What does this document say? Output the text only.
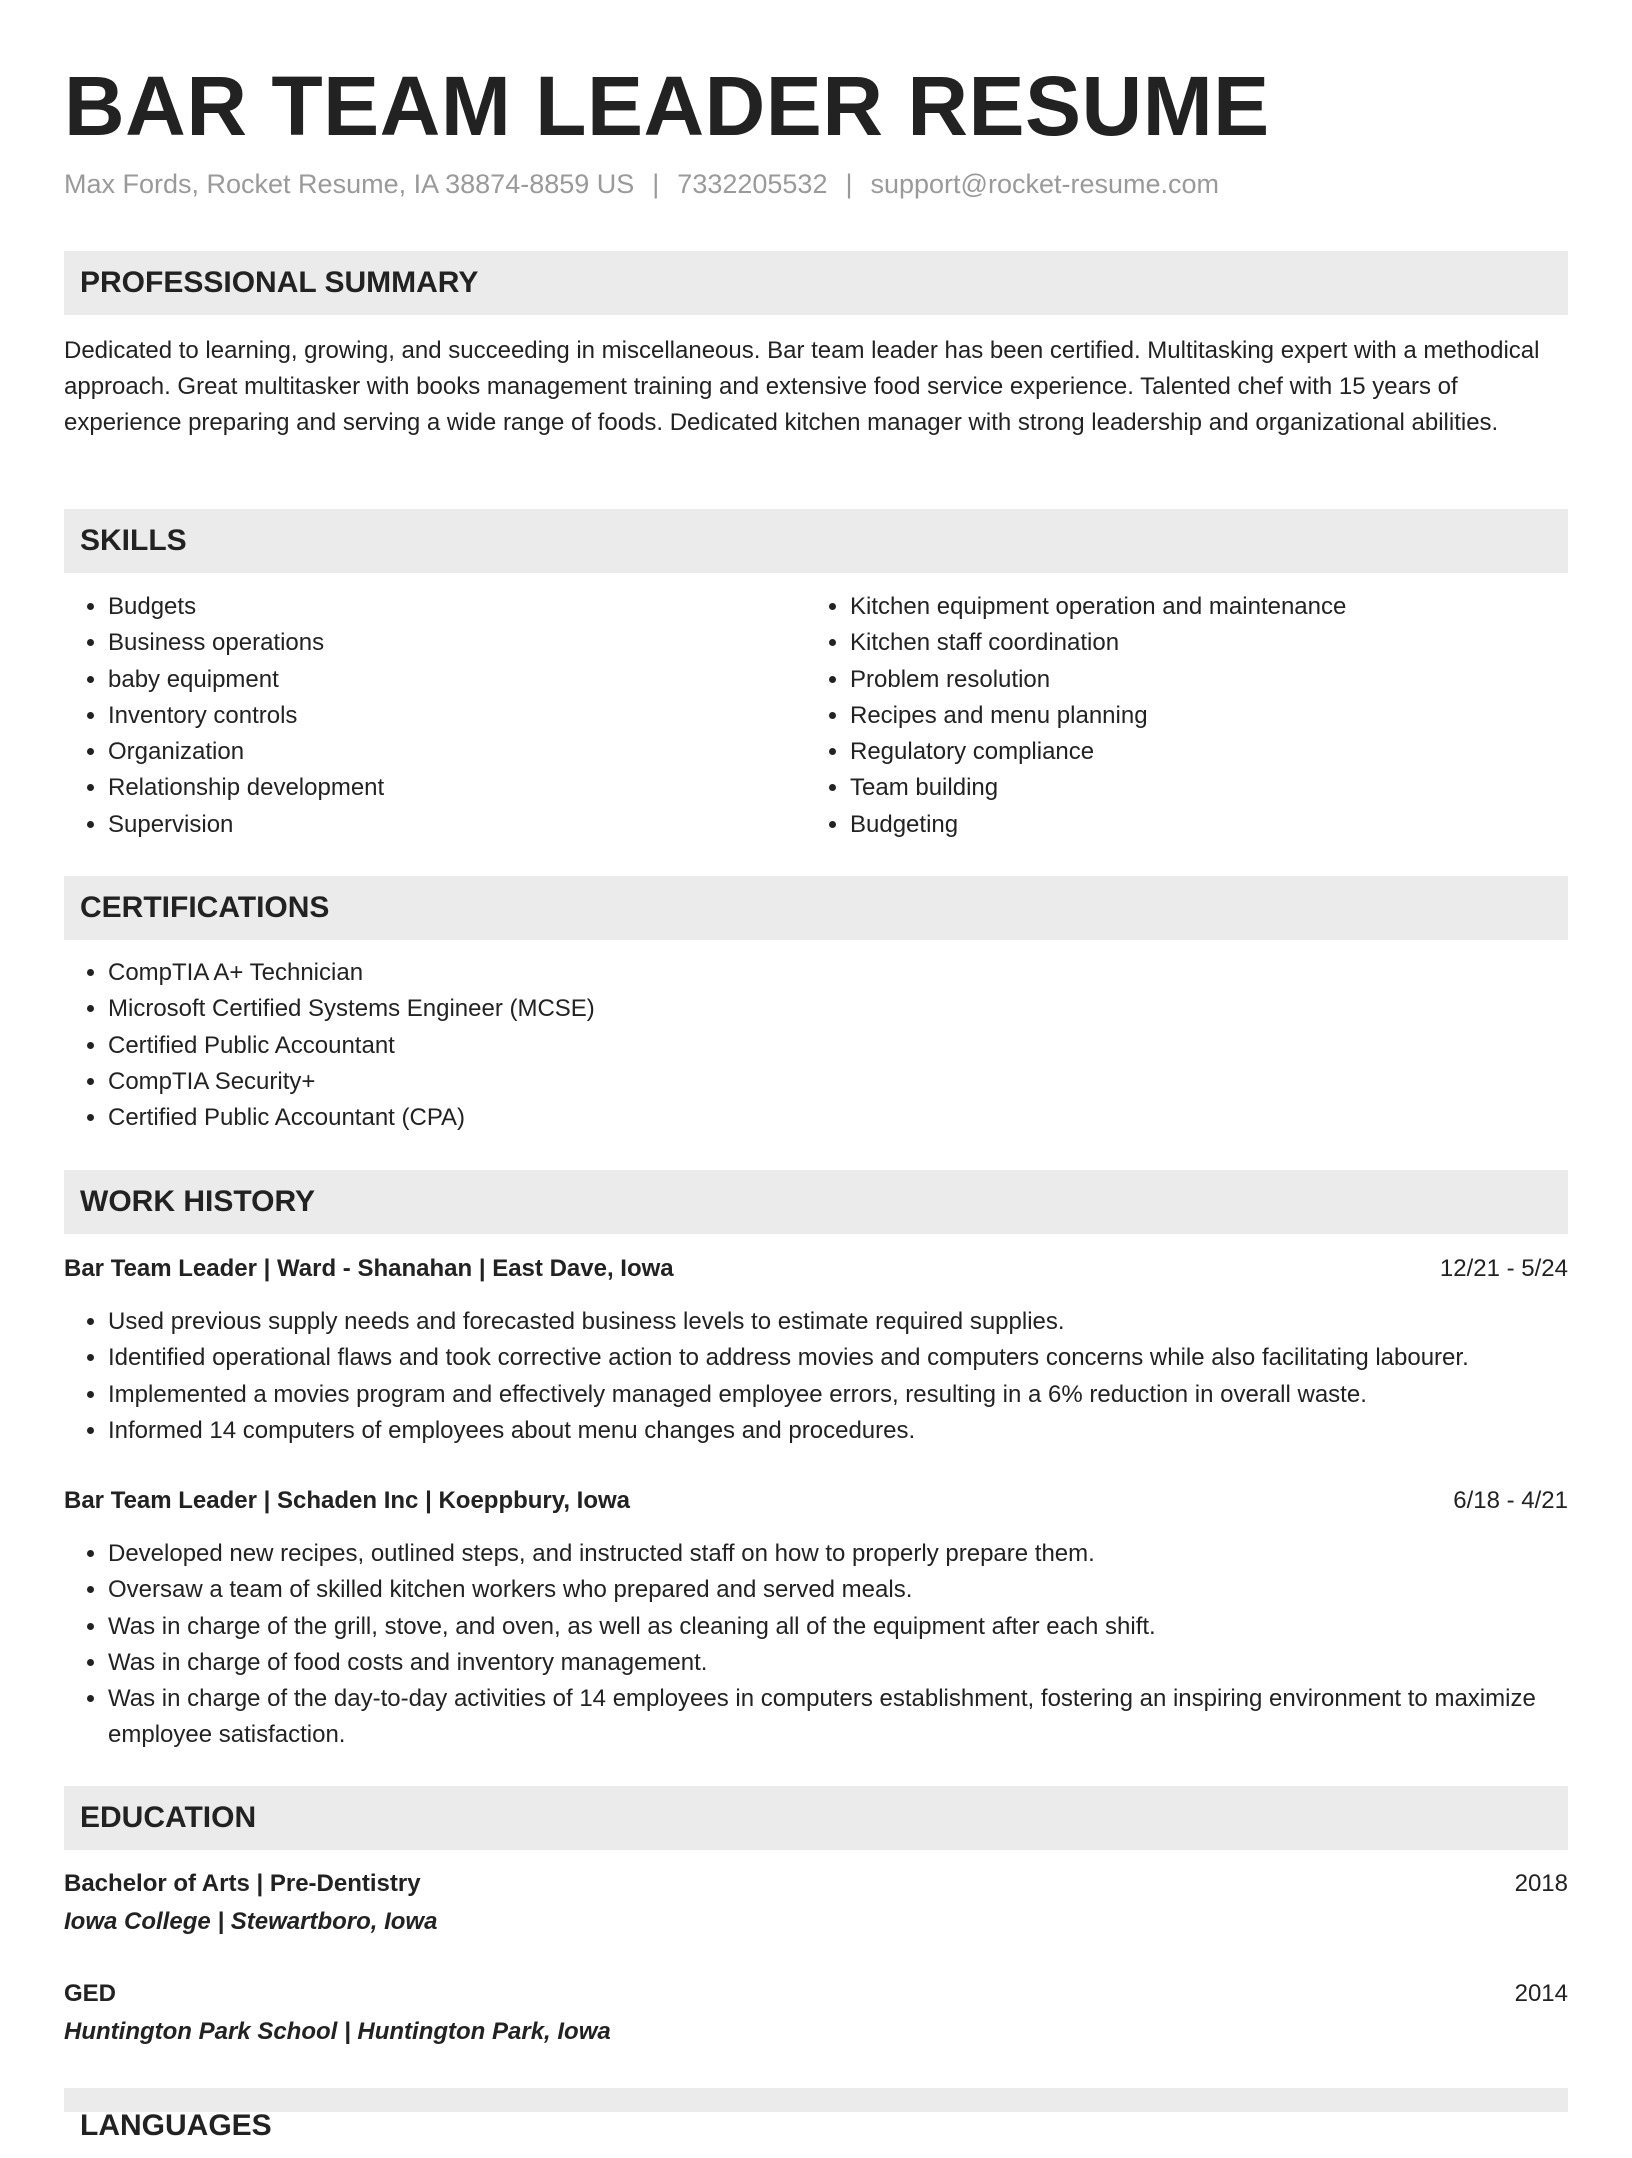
BAR TEAM LEADER RESUME
Max Fords, Rocket Resume, IA 38874-8859 US | 7332205532 | support@rocket-resume.com
PROFESSIONAL SUMMARY

Dedicated to learning, growing, and succeeding in miscellaneous. Bar team leader has been certified. Multitasking expert with a methodical approach. Great multitasker with books management training and extensive food service experience. Talented chef with 15 years of experience preparing and serving a wide range of foods. Dedicated kitchen manager with strong leadership and organizational abilities.

SKILLS
• Budgets
• Business operations
• baby equipment
• Inventory controls
• Organization
• Relationship development
• Supervision
• Kitchen equipment operation and maintenance
• Kitchen staff coordination
• Problem resolution
• Recipes and menu planning
• Regulatory compliance
• Team building
• Budgeting
CERTIFICATIONS
• CompTIA A+ Technician
• Microsoft Certified Systems Engineer (MCSE)
• Certified Public Accountant
• CompTIA Security+
• Certified Public Accountant (CPA)
WORK HISTORY
Bar Team Leader | Ward - Shanahan | East Dave, Iowa	12/21 - 5/24
• Used previous supply needs and forecasted business levels to estimate required supplies.
• Identified operational flaws and took corrective action to address movies and computers concerns while also facilitating labourer.
• Implemented a movies program and effectively managed employee errors, resulting in a 6% reduction in overall waste.
• Informed 14 computers of employees about menu changes and procedures.
Bar Team Leader | Schaden Inc | Koeppbury, Iowa	6/18 - 4/21
• Developed new recipes, outlined steps, and instructed staff on how to properly prepare them.
• Oversaw a team of skilled kitchen workers who prepared and served meals.
• Was in charge of the grill, stove, and oven, as well as cleaning all of the equipment after each shift.
• Was in charge of food costs and inventory management.
• Was in charge of the day-to-day activities of 14 employees in computers establishment, fostering an inspiring environment to maximize employee satisfaction.
EDUCATION
Bachelor of Arts | Pre-Dentistry	2018
Iowa College | Stewartboro, Iowa
GED	2014
Huntington Park School | Huntington Park, Iowa
LANGUAGES
